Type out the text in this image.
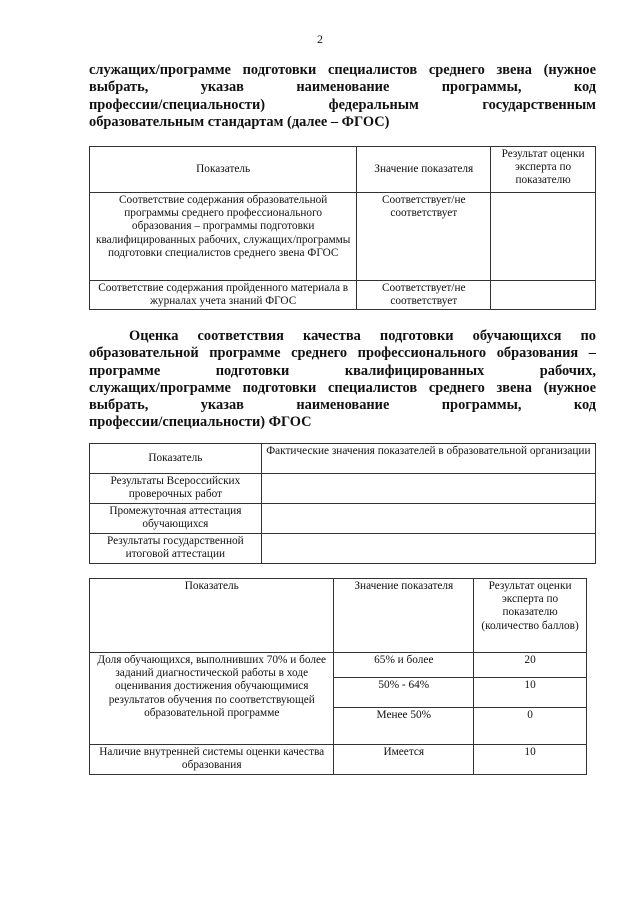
2
служащих/программе подготовки специалистов среднего звена (нужное
выбрать, указав наименование программы, код
профессии/специальности) федеральным государственным
образовательным стандартам (далее – ФГОС)
Показатель	Значение показателя	Результат оценки эксперта по показателю
Соответствие содержания образовательной программы среднего профессионального образования – программы подготовки квалифицированных рабочих, служащих/программы подготовки специалистов среднего звена ФГОС	Соответствует/не соответствует	
Соответствие содержания пройденного материала в журналах учета знаний ФГОС	Соответствует/не соответствует	
Оценка соответствия качества подготовки обучающихся по
образовательной программе среднего профессионального образования –
программе подготовки квалифицированных рабочих,
служащих/программе подготовки специалистов среднего звена (нужное
выбрать, указав наименование программы, код
профессии/специальности) ФГОС
Показатель	Фактические значения показателей в образовательной организации
Результаты Всероссийских проверочных работ	
Промежуточная аттестация обучающихся	
Результаты государственной итоговой аттестации	
Показатель	Значение показателя	Результат оценки эксперта по показателю (количество баллов)
Доля обучающихся, выполнивших 70% и более заданий диагностической работы в ходе оценивания достижения обучающимися результатов обучения по соответствующей образовательной программе	65% и более	20
	50% - 64%	10
	Менее 50%	0
Наличие внутренней системы оценки качества образования	Имеется	10
